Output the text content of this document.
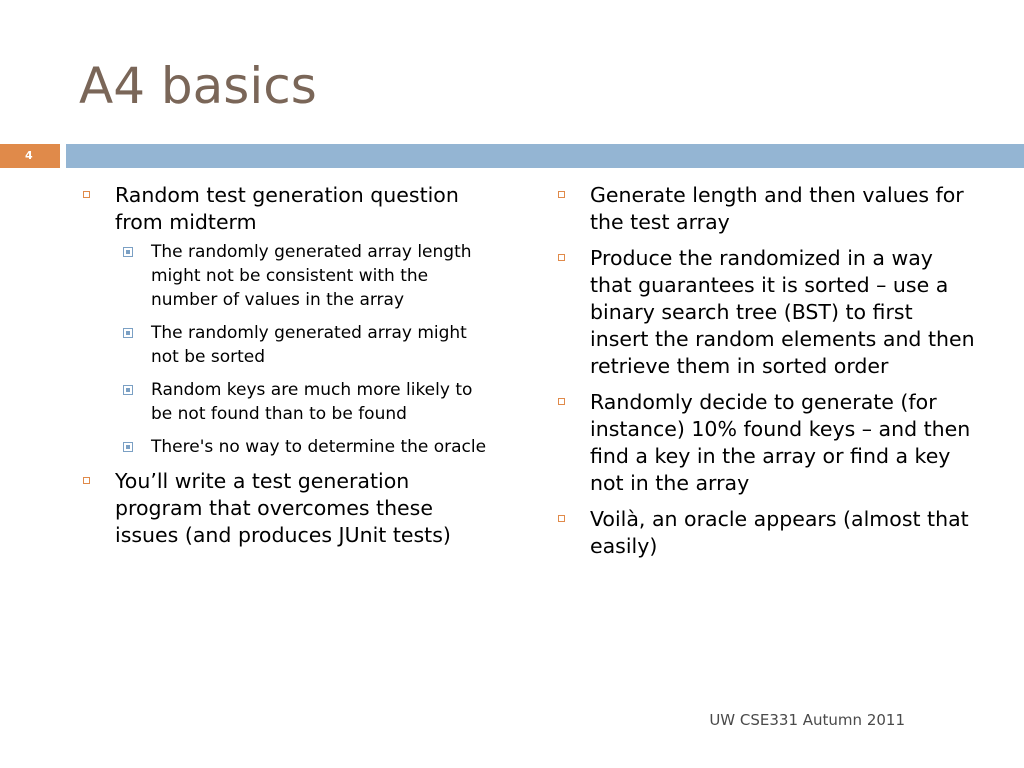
A4 basics
4
Random test generation question from midterm
The randomly generated array length might not be consistent with the number of values in the array
The randomly generated array might not be sorted
Random keys are much more likely to be not found than to be found
There's no way to determine the oracle
You’ll write a test generation program that overcomes these issues (and produces JUnit tests)
Generate length and then values for the test array
Produce the randomized in a way that guarantees it is sorted – use a binary search tree (BST) to first insert the random elements and then retrieve them in sorted order
Randomly decide to generate (for instance) 10% found keys – and then find a key in the array or find a key not in the array
Voilà, an oracle appears (almost that easily)
UW CSE331 Autumn 2011
